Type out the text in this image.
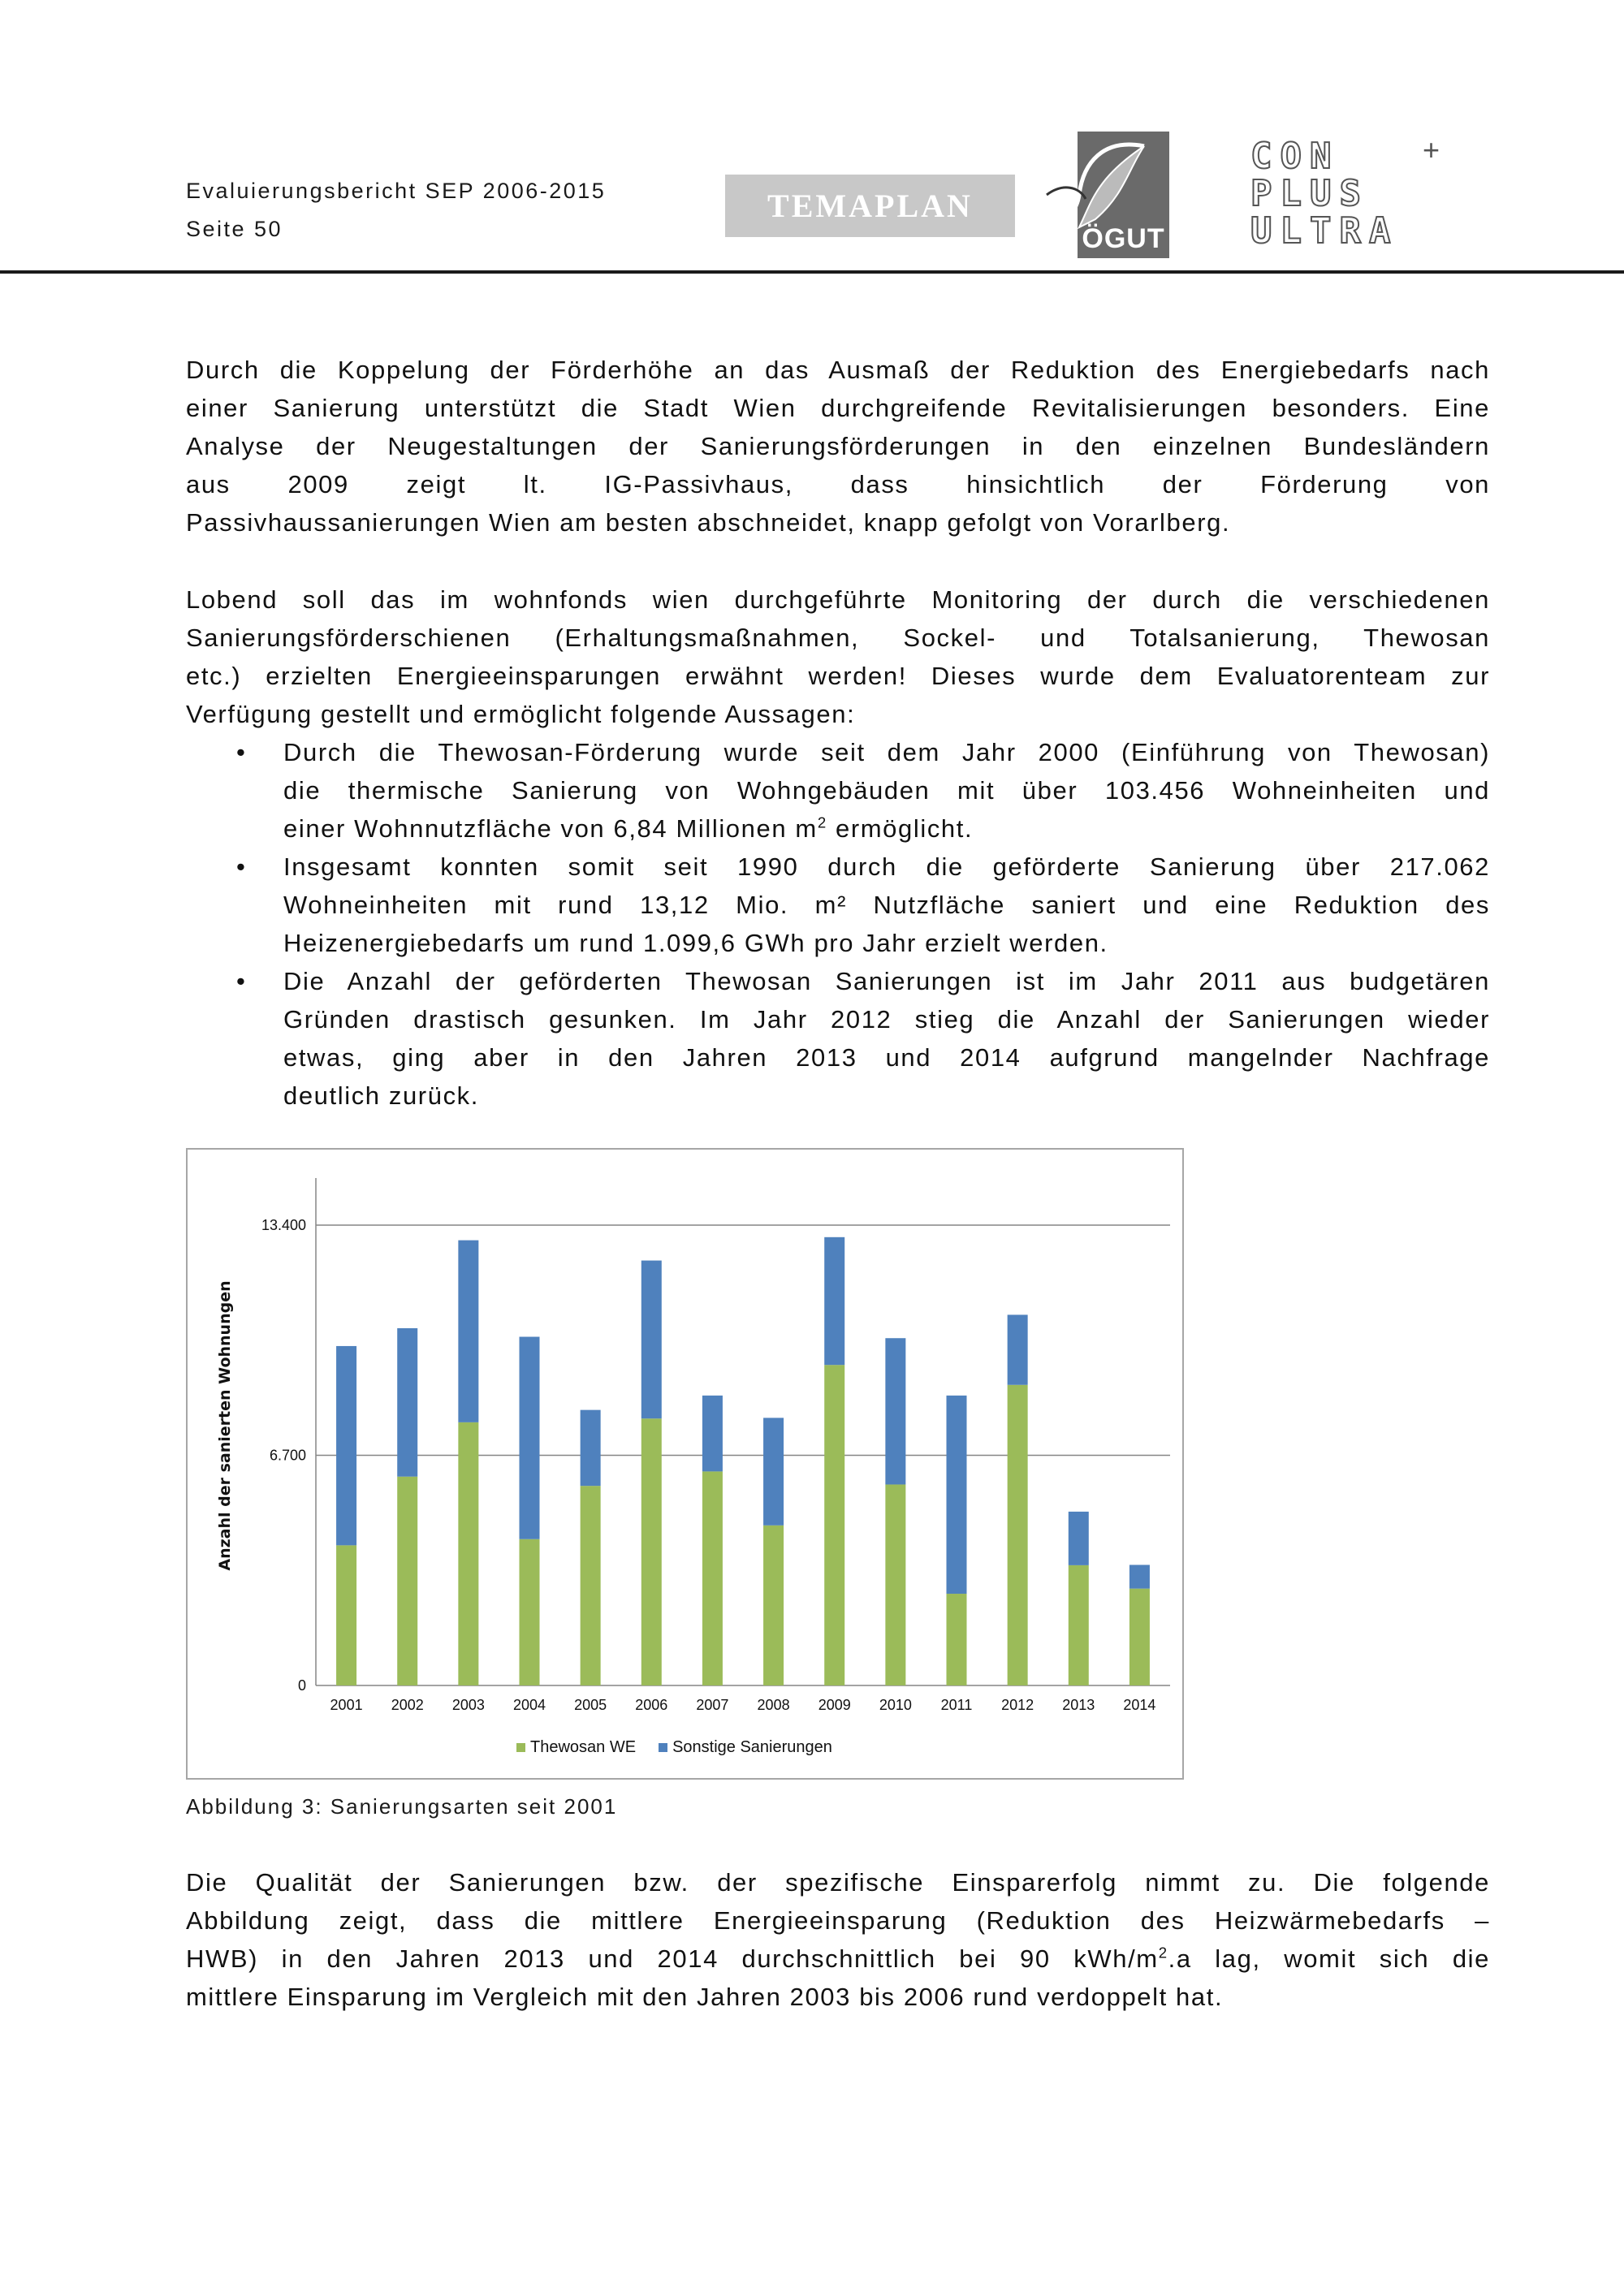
Evaluierungsbericht SEP 2006-2015
Seite 50
TEMAPLAN
ÖGUT
CON
PLUS
ULTRA
+
Durch die Koppelung der Förderhöhe an das Ausmaß der Reduktion des Energiebedarfs nach
einer Sanierung unterstützt die Stadt Wien durchgreifende Revitalisierungen besonders. Eine
Analyse der Neugestaltungen der Sanierungsförderungen in den einzelnen Bundesländern
aus 2009 zeigt lt. IG-Passivhaus, dass hinsichtlich der Förderung von
Passivhaussanierungen Wien am besten abschneidet, knapp gefolgt von Vorarlberg.
Lobend soll das im wohnfonds wien durchgeführte Monitoring der durch die verschiedenen
Sanierungsförderschienen (Erhaltungsmaßnahmen, Sockel- und Totalsanierung, Thewosan
etc.) erzielten Energieeinsparungen erwähnt werden! Dieses wurde dem Evaluatorenteam zur
Verfügung gestellt und ermöglicht folgende Aussagen:
• Durch die Thewosan-Förderung wurde seit dem Jahr 2000 (Einführung von Thewosan)
die thermische Sanierung von Wohngebäuden mit über 103.456 Wohneinheiten und
einer Wohnnutzfläche von 6,84 Millionen $m^2$ ermöglicht.
• Insgesamt konnten somit seit 1990 durch die geförderte Sanierung über 217.062
Wohneinheiten mit rund 13,12 Mio. m² Nutzfläche saniert und eine Reduktion des
Heizenergiebedarfs um rund 1.099,6 GWh pro Jahr erzielt werden.
• Die Anzahl der geförderten Thewosan Sanierungen ist im Jahr 2011 aus budgetären
Gründen drastisch gesunken. Im Jahr 2012 stieg die Anzahl der Sanierungen wieder
etwas, ging aber in den Jahren 2013 und 2014 aufgrund mangelnder Nachfrage
deutlich zurück.
2001 2002 2003 2004 2005 2006 2007 2008 2009 2010 2011 2012 2013 2014
0
6.700
13.400
Anzahl der sanierten Wohnungen
Thewosan WE	Sonstige Sanierungen
Abbildung 3: Sanierungsarten seit 2001
Die Qualität der Sanierungen bzw. der spezifische Einsparerfolg nimmt zu. Die folgende
Abbildung zeigt, dass die mittlere Energieeinsparung (Reduktion des Heizwärmebedarfs –
HWB) in den Jahren 2013 und 2014 durchschnittlich bei 90 kWh/$m^2.a$ lag, womit sich die
mittlere Einsparung im Vergleich mit den Jahren 2003 bis 2006 rund verdoppelt hat.
